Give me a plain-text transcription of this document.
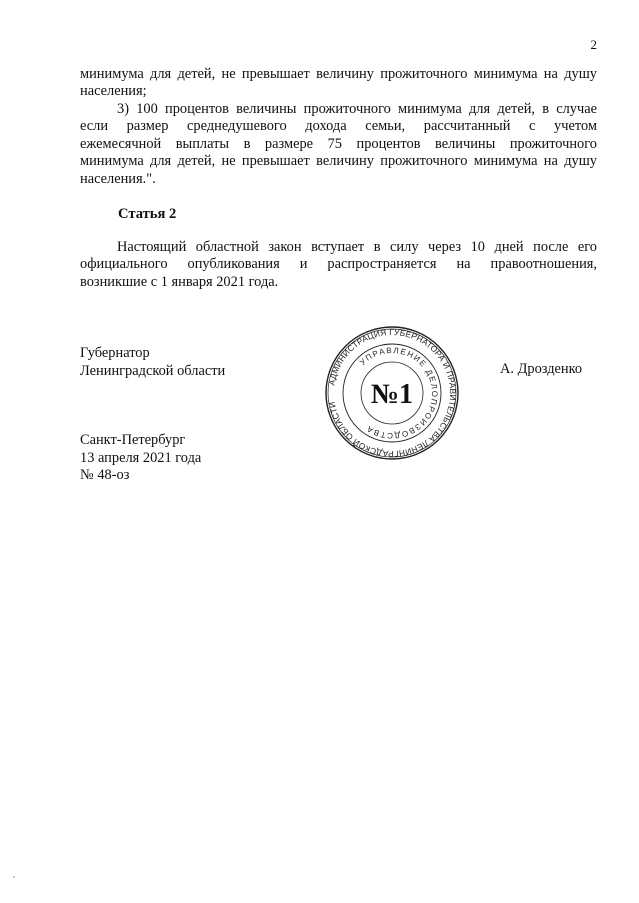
2
минимума для детей, не превышает величину прожиточного минимума на душу
населения;
3) 100 процентов величины прожиточного минимума для детей, в случае
если размер среднедушевого дохода семьи, рассчитанный с учетом
ежемесячной выплаты в размере 75 процентов величины прожиточного
минимума для детей, не превышает величину прожиточного минимума на душу
населения.".
Статья 2
Настоящий областной закон вступает в силу через 10 дней после его
официального опубликования и распространяется на правоотношения,
возникшие с 1 января 2021 года.
Губернатор
Ленинградской области	А. Дрозденко
АДМИНИСТРАЦИЯ ГУБЕРНАТОРА И ПРАВИТЕЛЬСТВА ЛЕНИНГРАДСКОЙ ОБЛАСТИ
УПРАВЛЕНИЕ ДЕЛОПРОИЗВОДСТВА
№1
Санкт-Петербург
13 апреля 2021 года
№ 48-оз
